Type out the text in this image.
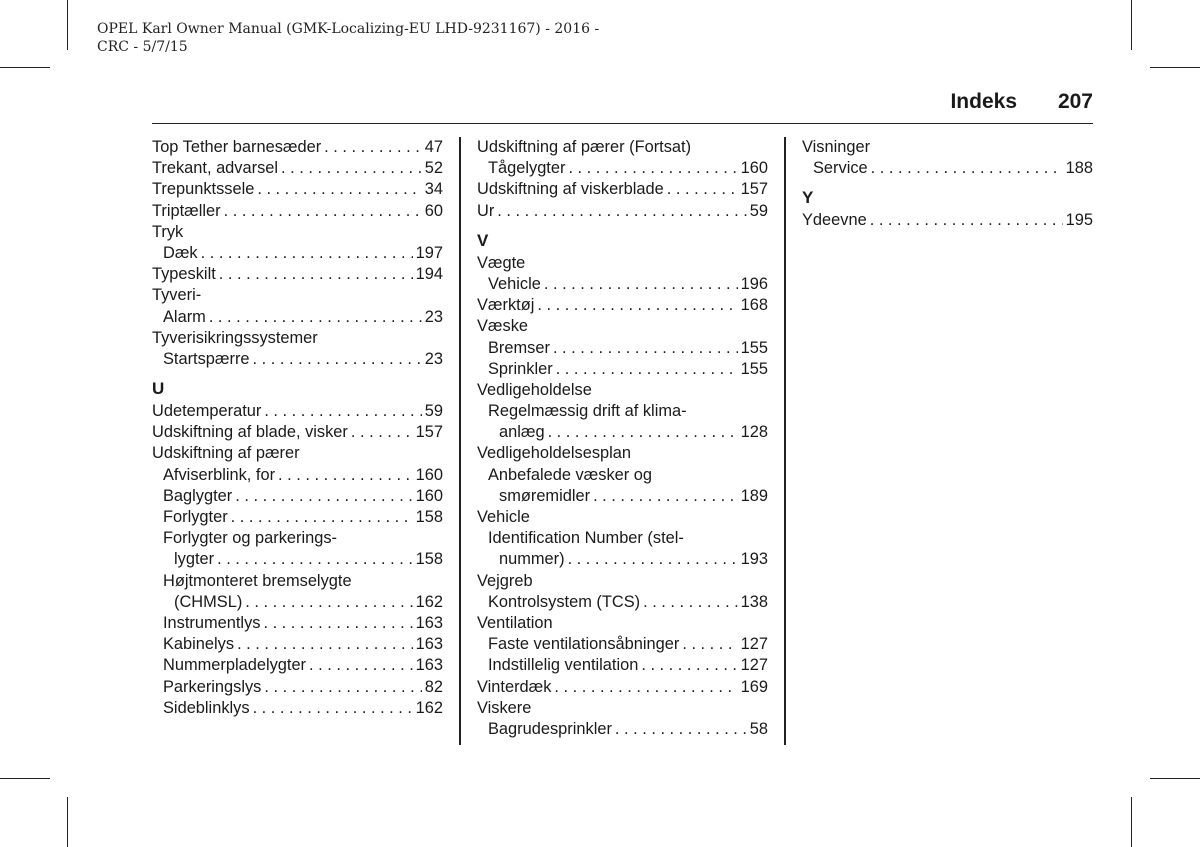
OPEL Karl Owner Manual (GMK-Localizing-EU LHD-9231167) - 2016 -
CRC - 5/7/15
Indeks 207
Top Tether barnesæder . . .	47
Trekant, advarsel . . .	52
Trepunktssele . . .	34
Triptæller . . .	60
Tryk
Dæk . . .	197
Typeskilt . . .	194
Tyveri-
Alarm . . .	23
Tyverisikringssystemer
Startspærre . . .	23
U
Udetemperatur . . .	59
Udskiftning af blade, visker . . .	157
Udskiftning af pærer
Afviserblink, for . . .	160
Baglygter . . .	160
Forlygter . . .	158
Forlygter og parkerings-
lygter . . .	158
Højtmonteret bremselygte
(CHMSL) . . .	162
Instrumentlys . . .	163
Kabinelys . . .	163
Nummerpladelygter . . .	163
Parkeringslys . . .	82
Sideblinklys . . .	162
Udskiftning af pærer (Fortsat)
Tågelygter . . .	160
Udskiftning af viskerblade . . .	157
Ur . . .	59
V
Vægte
Vehicle . . .	196
Værktøj . . .	168
Væske
Bremser . . .	155
Sprinkler . . .	155
Vedligeholdelse
Regelmæssig drift af klima-
anlæg . . .	128
Vedligeholdelsesplan
Anbefalede væsker og
smøremidler . . .	189
Vehicle
Identification Number (stel-
nummer) . . .	193
Vejgreb
Kontrolsystem (TCS) . . .	138
Ventilation
Faste ventilationsåbninger . . .	127
Indstillelig ventilation . . .	127
Vinterdæk . . .	169
Viskere
Bagrudesprinkler . . .	58
Visninger
Service . . .	188
Y
Ydeevne . . .	195
